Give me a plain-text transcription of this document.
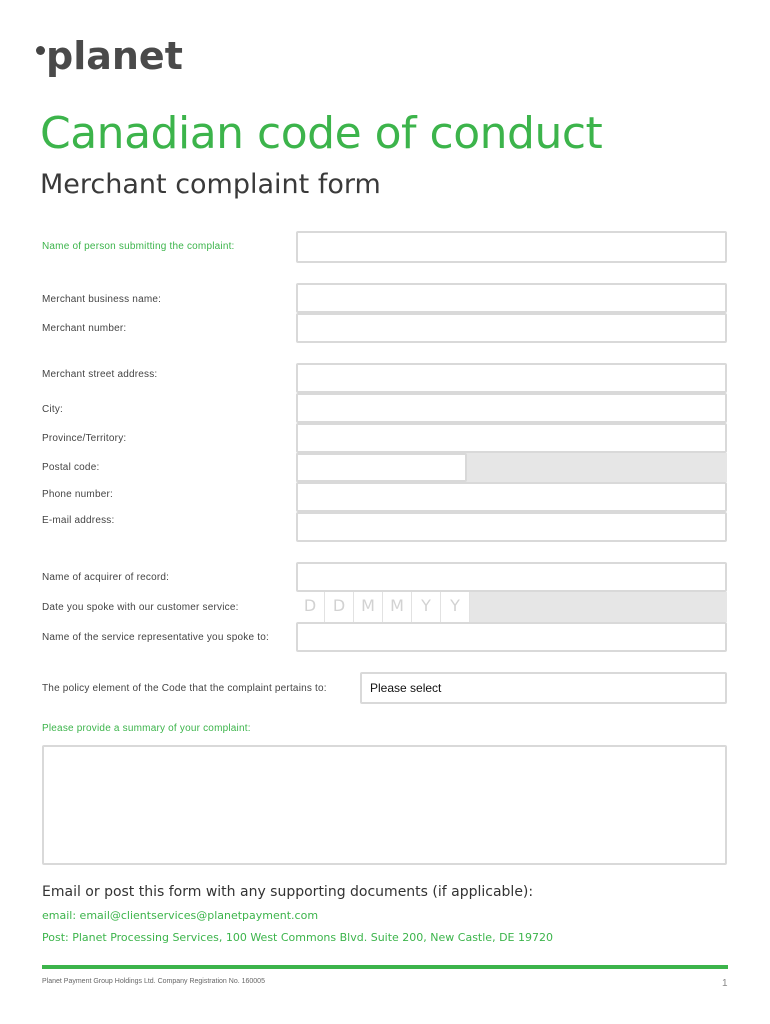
planet
Canadian code of conduct
Merchant complaint form
Name of person submitting the complaint:
Merchant business name:
Merchant number:
Merchant street address:
City:
Province/Territory:
Postal code:
Phone number:
E-mail address:
Name of acquirer of record:
Date you spoke with our customer service:	D	D M M	Y	Y
Name of the service representative you spoke to:
The policy element of the Code that the complaint pertains to:	Please select
Please provide a summary of your complaint:
Email or post this form with any supporting documents (if applicable):
email: email@clientservices@planetpayment.com
Post: Planet Processing Services, 100 West Commons Blvd. Suite 200, New Castle, DE 19720
Planet Payment Group Holdings Ltd. Company Registration No. 160005	1
